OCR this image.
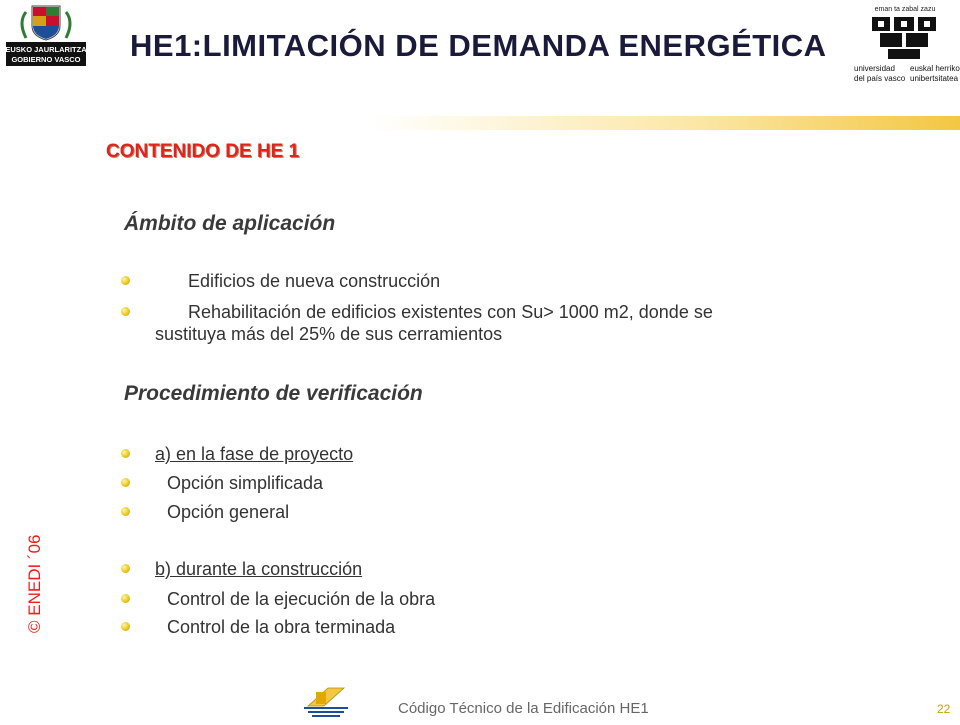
EUSKO JAURLARITZA
GOBIERNO VASCO HE1:LIMITACIÓN DE DEMANDA ENERGÉTICA
eman ta zabal zazu
universidad
del país vasco
euskal herriko
unibertsitatea
CONTENIDO DE HE 1
Ámbito de aplicación
Edificios de nueva construcción
Rehabilitación de edificios existentes con Su> 1000 m2, donde se
sustituya más del 25% de sus cerramientos
Procedimiento de verificación
a) en la fase de proyecto
Opción simplificada
Opción general
b) durante la construcción
Control de la ejecución de la obra
Control de la obra terminada
© ENEDI ´06
Código Técnico de la Edificación HE1	22
